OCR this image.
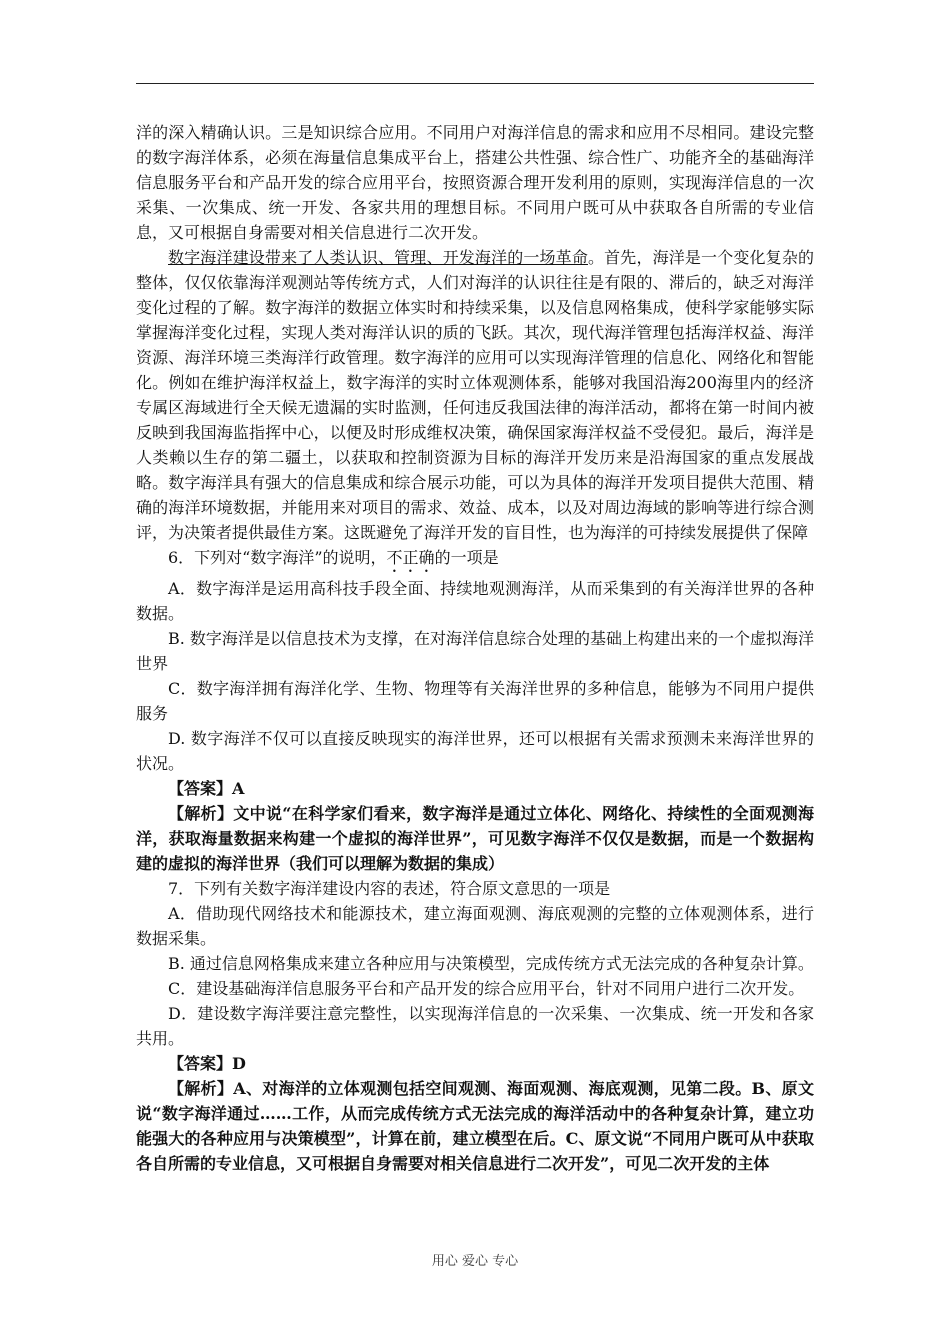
洋的深入精确认识。三是知识综合应用。不同用户对海洋信息的需求和应用不尽相同。建设完整的数字海洋体系，必须在海量信息集成平台上，搭建公共性强、综合性广、功能齐全的基础海洋信息服务平台和产品开发的综合应用平台，按照资源合理开发利用的原则，实现海洋信息的一次采集、一次集成、统一开发、各家共用的理想目标。不同用户既可从中获取各自所需的专业信息，又可根据自身需要对相关信息进行二次开发。

数字海洋建设带来了人类认识、管理、开发海洋的一场革命。首先，海洋是一个变化复杂的整体，仅仅依靠海洋观测站等传统方式，人们对海洋的认识往往是有限的、滞后的，缺乏对海洋变化过程的了解。数字海洋的数据立体实时和持续采集，以及信息网格集成，使科学家能够实际掌握海洋变化过程，实现人类对海洋认识的质的飞跃。其次，现代海洋管理包括海洋权益、海洋资源、海洋环境三类海洋行政管理。数字海洋的应用可以实现海洋管理的信息化、网络化和智能化。例如在维护海洋权益上，数字海洋的实时立体观测体系，能够对我国沿海200海里内的经济专属区海域进行全天候无遗漏的实时监测，任何违反我国法律的海洋活动，都将在第一时间内被反映到我国海监指挥中心，以便及时形成维权决策，确保国家海洋权益不受侵犯。最后，海洋是人类赖以生存的第二疆土，以获取和控制资源为目标的海洋开发历来是沿海国家的重点发展战略。数字海洋具有强大的信息集成和综合展示功能，可以为具体的海洋开发项目提供大范围、精确的海洋环境数据，并能用来对项目的需求、效益、成本，以及对周边海域的影响等进行综合测评，为决策者提供最佳方案。这既避免了海洋开发的盲目性，也为海洋的可持续发展提供了保障

6．下列对“数字海洋”的说明，不正确的一项是

A．数字海洋是运用高科技手段全面、持续地观测海洋，从而采集到的有关海洋世界的各种数据。

B. 数字海洋是以信息技术为支撑，在对海洋信息综合处理的基础上构建出来的一个虚拟海洋世界

C．数字海洋拥有海洋化学、生物、物理等有关海洋世界的多种信息，能够为不同用户提供服务

D. 数字海洋不仅可以直接反映现实的海洋世界，还可以根据有关需求预测未来海洋世界的状况。

【答案】A

【解析】文中说“在科学家们看来，数字海洋是通过立体化、网络化、持续性的全面观测海洋，获取海量数据来构建一个虚拟的海洋世界”，可见数字海洋不仅仅是数据，而是一个数据构建的虚拟的海洋世界（我们可以理解为数据的集成）

7．下列有关数字海洋建设内容的表述，符合原文意思的一项是

A．借助现代网络技术和能源技术，建立海面观测、海底观测的完整的立体观测体系，进行数据采集。

B. 通过信息网格集成来建立各种应用与决策模型，完成传统方式无法完成的各种复杂计算。

C．建设基础海洋信息服务平台和产品开发的综合应用平台，针对不同用户进行二次开发。

D．建设数字海洋要注意完整性，以实现海洋信息的一次采集、一次集成、统一开发和各家共用。

【答案】D

【解析】A、对海洋的立体观测包括空间观测、海面观测、海底观测，见第二段。B、原文说“数字海洋通过……工作，从而完成传统方式无法完成的海洋活动中的各种复杂计算，建立功能强大的各种应用与决策模型”，计算在前，建立模型在后。C、原文说“不同用户既可从中获取各自所需的专业信息，又可根据自身需要对相关信息进行二次开发”，可见二次开发的主体

用心 爱心 专心
